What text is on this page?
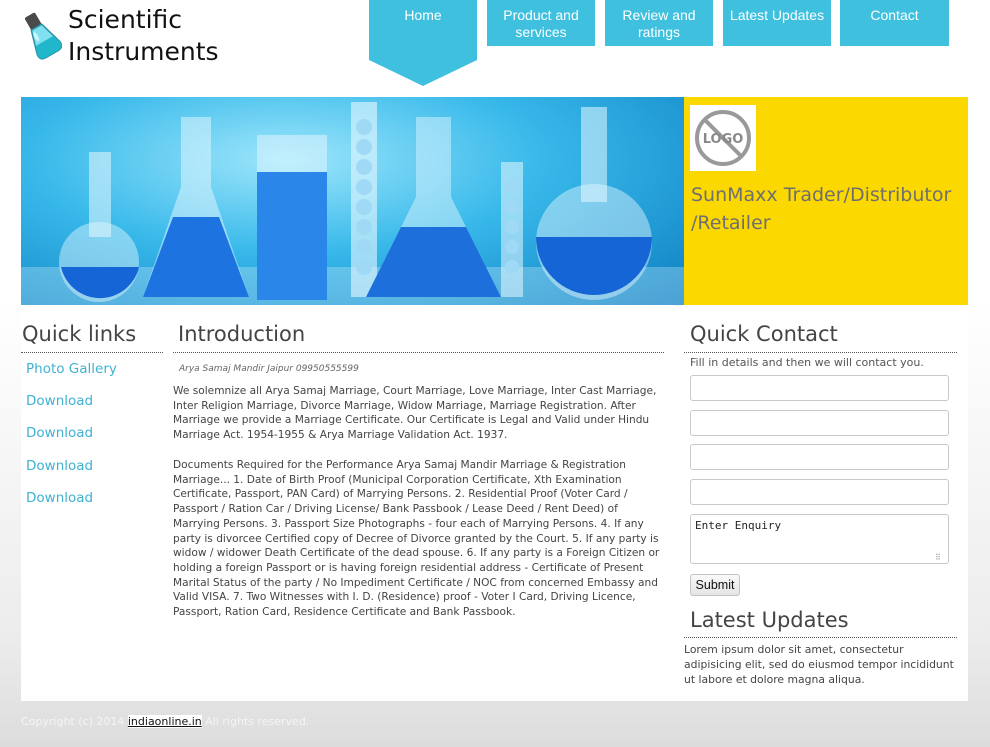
Scientific Instruments
Home	Product and services
Review and ratings
Latest Updates	Contact
LOGO
SunMaxx Trader/Distributor /Retailer
Quick links
Photo Gallery
Download
Download
Download
Download
Introduction
Arya Samaj Mandir Jaipur 09950555599
We solemnize all Arya Samaj Marriage, Court Marriage, Love Marriage, Inter Cast Marriage, Inter Religion Marriage, Divorce Marriage, Widow Marriage, Marriage Registration. After Marriage we provide a Marriage Certificate. Our Certificate is Legal and Valid under Hindu Marriage Act. 1954-1955 & Arya Marriage Validation Act. 1937.
Documents Required for the Performance Arya Samaj Mandir Marriage & Registration Marriage... 1. Date of Birth Proof (Municipal Corporation Certificate, Xth Examination Certificate, Passport, PAN Card) of Marrying Persons. 2. Residential Proof (Voter Card / Passport / Ration Car / Driving License/ Bank Passbook / Lease Deed / Rent Deed) of Marrying Persons. 3. Passport Size Photographs - four each of Marrying Persons. 4. If any party is divorcee Certified copy of Decree of Divorce granted by the Court. 5. If any party is widow / widower Death Certificate of the dead spouse. 6. If any party is a Foreign Citizen or holding a foreign Passport or is having foreign residential address - Certificate of Present Marital Status of the party / No Impediment Certificate / NOC from concerned Embassy and Valid VISA. 7. Two Witnesses with I. D. (Residence) proof - Voter I Card, Driving Licence, Passport, Ration Card, Residence Certificate and Bank Passbook.
Quick Contact
Fill in details and then we will contact you.
Enter Enquiry
⠿
Submit
Latest Updates
Lorem ipsum dolor sit amet, consectetur adipisicing elit, sed do eiusmod tempor incididunt ut labore et dolore magna aliqua.
Copyright (c) 2014 indiaonline.in All rights reserved.
